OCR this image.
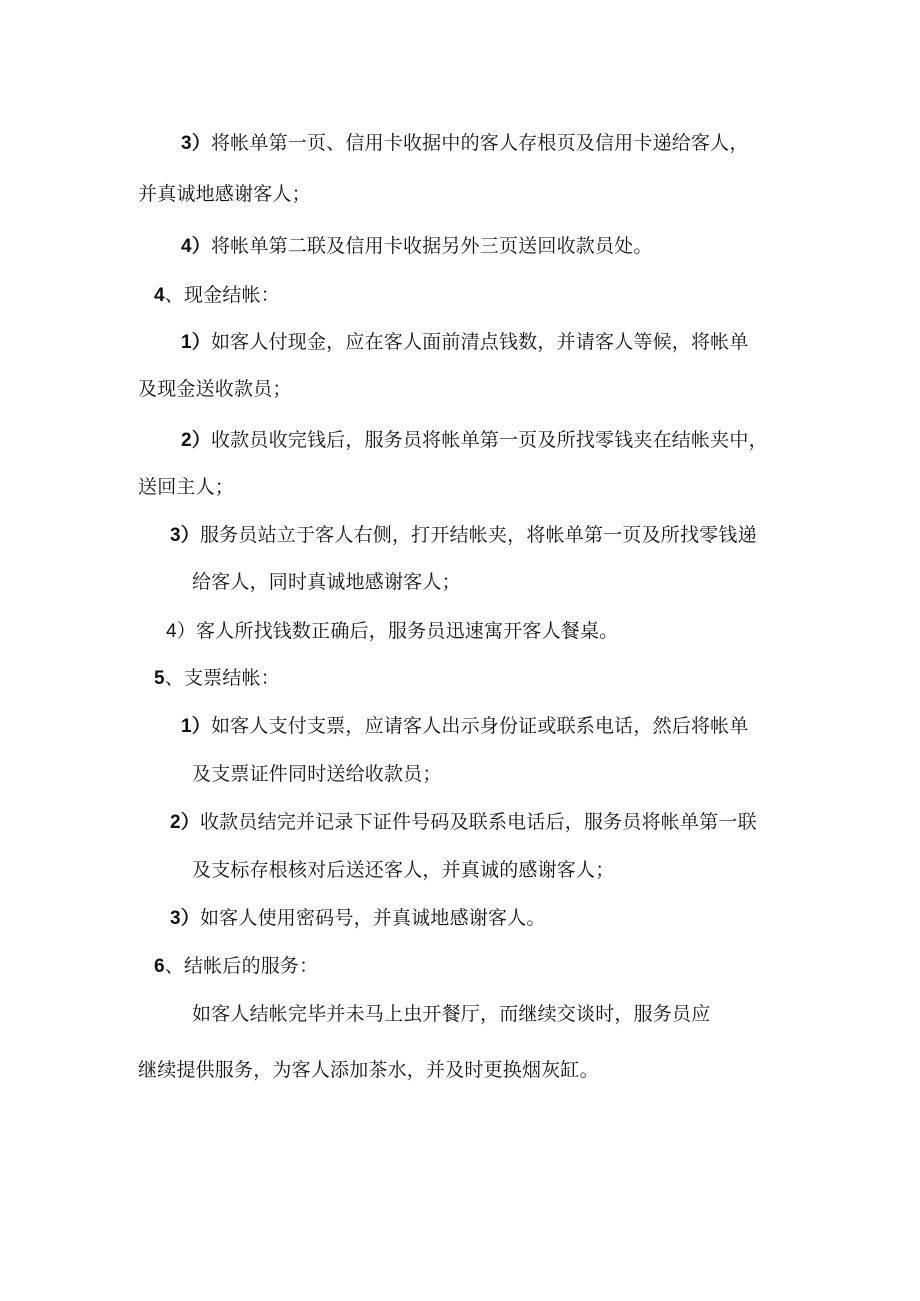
3）将帐单第一页、信用卡收据中的客人存根页及信用卡递给客人，
并真诚地感谢客人；
4）将帐单第二联及信用卡收据另外三页送回收款员处。
4、现金结帐：
1）如客人付现金，应在客人面前清点钱数，并请客人等候，将帐单
及现金送收款员；
2）收款员收完钱后，服务员将帐单第一页及所找零钱夹在结帐夹中，
送回主人；
3）服务员站立于客人右侧，打开结帐夹，将帐单第一页及所找零钱递
给客人，同时真诚地感谢客人；
4）客人所找钱数正确后，服务员迅速寓开客人餐桌。
5、支票结帐：
1）如客人支付支票，应请客人出示身份证或联系电话，然后将帐单
及支票证件同时送给收款员；
2）收款员结完并记录下证件号码及联系电话后，服务员将帐单第一联
及支标存根核对后送还客人，并真诚的感谢客人；
3）如客人使用密码号，并真诚地感谢客人。
6、结帐后的服务：
如客人结帐完毕并未马上虫开餐厅，而继续交谈时，服务员应
继续提供服务，为客人添加茶水，并及时更换烟灰缸。
